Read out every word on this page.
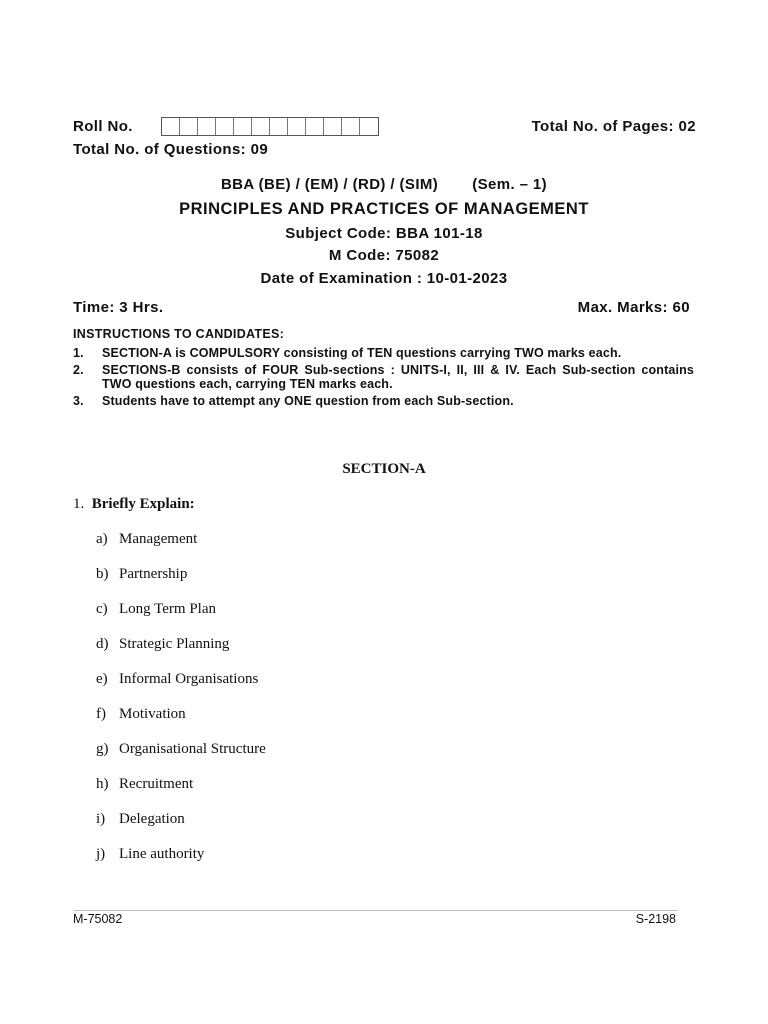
Roll No.	Total No. of Pages: 02
Total No. of Questions: 09
BBA (BE) / (EM) / (RD) / (SIM) (Sem. – 1)
PRINCIPLES AND PRACTICES OF MANAGEMENT
Subject Code: BBA 101-18
M Code: 75082
Date of Examination : 10-01-2023
Time: 3 Hrs.	Max. Marks: 60
INSTRUCTIONS TO CANDIDATES:
1.	SECTION-A is COMPULSORY consisting of TEN questions carrying TWO marks each.
2.	SECTIONS-B consists of FOUR Sub-sections : UNITS-I, II, III & IV. Each Sub-section contains TWO questions each, carrying TEN marks each.
3.	Students have to attempt any ONE question from each Sub-section.
SECTION-A
1. Briefly Explain:
a) Management
b) Partnership
c) Long Term Plan
d) Strategic Planning
e) Informal Organisations
f) Motivation
g) Organisational Structure
h) Recruitment
i) Delegation
j) Line authority
M-75082	S-2198
